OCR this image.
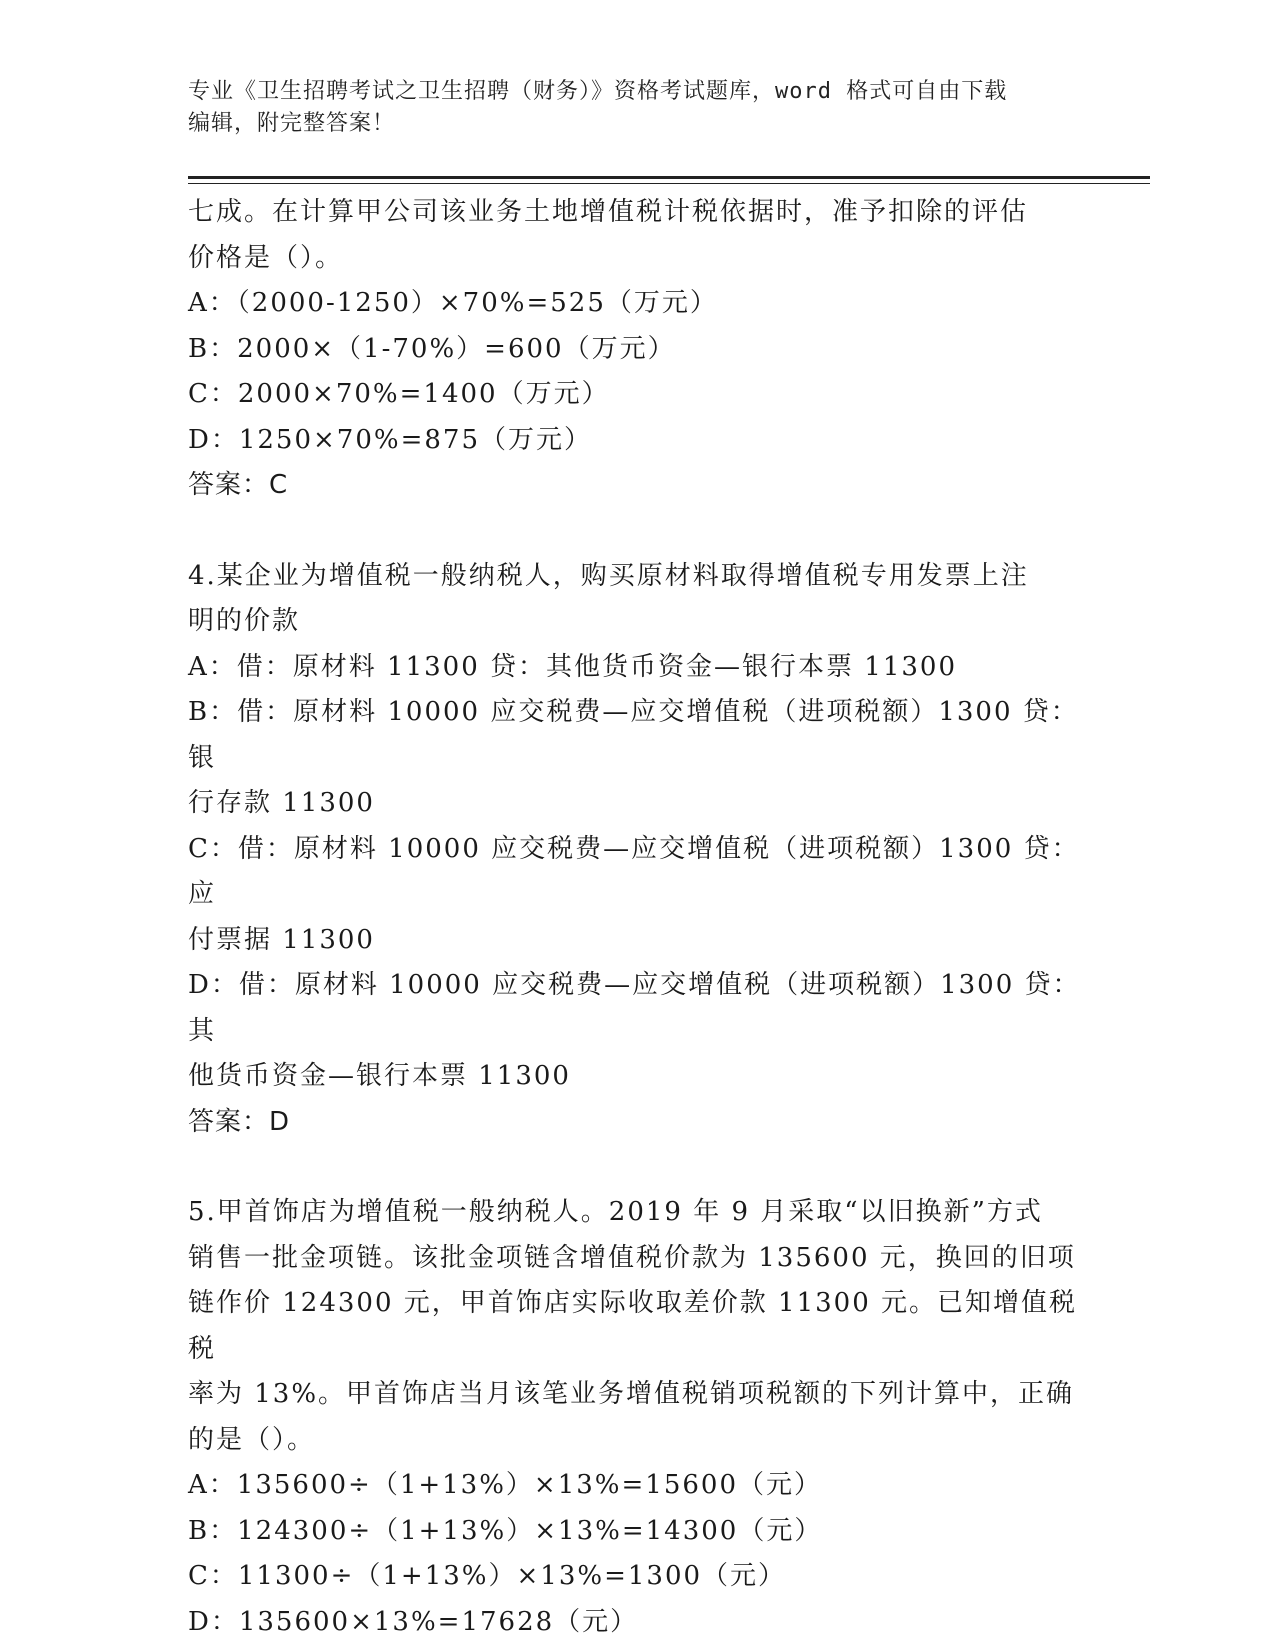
专业《卫生招聘考试之卫生招聘（财务）》资格考试题库，word 格式可自由下载
编辑，附完整答案！

七成。在计算甲公司该业务土地增值税计税依据时，准予扣除的评估

价格是（）。

A：（2000-1250）×70%=525（万元）

B：2000×（1-70%）=600（万元）

C：2000×70%=1400（万元）

D：1250×70%=875（万元）

答案：C

4.某企业为增值税一般纳税人，购买原材料取得增值税专用发票上注

明的价款

A：借：原材料 11300 贷：其他货币资金—银行本票 11300

B：借：原材料 10000 应交税费—应交增值税（进项税额）1300 贷：银

行存款 11300

C：借：原材料 10000 应交税费—应交增值税（进项税额）1300 贷：应

付票据 11300

D：借：原材料 10000 应交税费—应交增值税（进项税额）1300 贷：其

他货币资金—银行本票 11300

答案：D

5.甲首饰店为增值税一般纳税人。2019 年 9 月采取“以旧换新”方式

销售一批金项链。该批金项链含增值税价款为 135600 元，换回的旧项

链作价 124300 元，甲首饰店实际收取差价款 11300 元。已知增值税税

率为 13%。甲首饰店当月该笔业务增值税销项税额的下列计算中，正确

的是（）。

A：135600÷（1+13%）×13%=15600（元）

B：124300÷（1+13%）×13%=14300（元）

C：11300÷（1+13%）×13%=1300（元）

D：135600×13%=17628（元）
